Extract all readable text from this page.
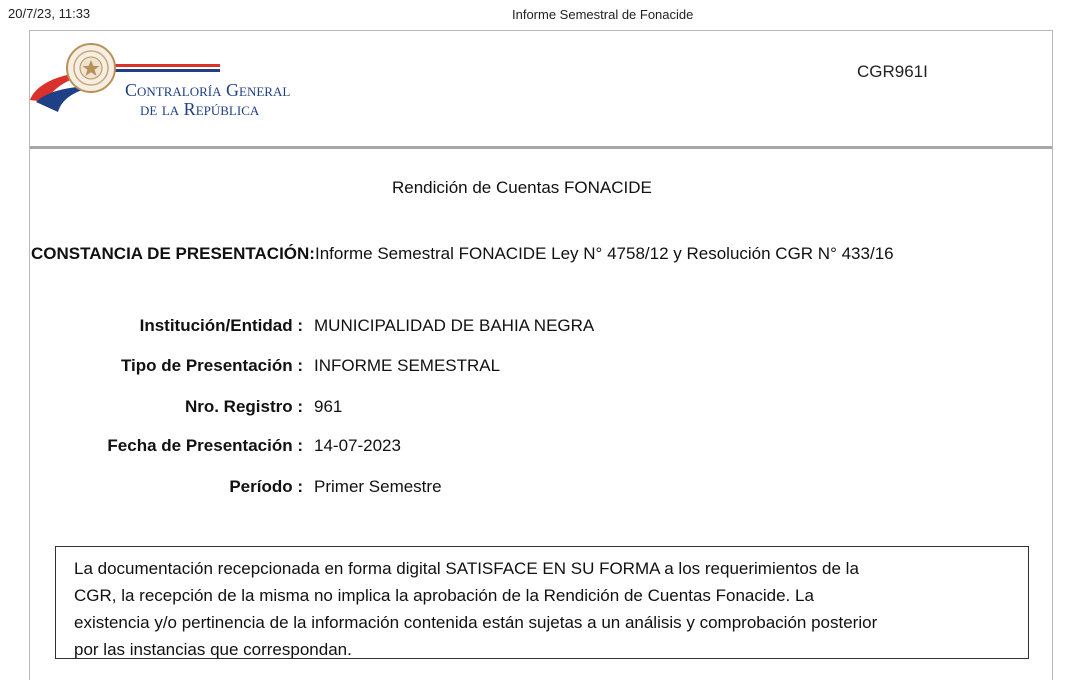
20/7/23, 11:33	Informe Semestral de Fonacide
Contraloría General
de la República
CGR961I
Rendición de Cuentas FONACIDE
CONSTANCIA DE PRESENTACIÓN:Informe Semestral FONACIDE Ley N° 4758/12 y Resolución CGR N° 433/16
Institución/Entidad : MUNICIPALIDAD DE BAHIA NEGRA
Tipo de Presentación : INFORME SEMESTRAL
Nro. Registro : 961
Fecha de Presentación : 14-07-2023
Período : Primer Semestre
La documentación recepcionada en forma digital SATISFACE EN SU FORMA a los requerimientos de la
CGR, la recepción de la misma no implica la aprobación de la Rendición de Cuentas Fonacide. La
existencia y/o pertinencia de la información contenida están sujetas a un análisis y comprobación posterior
por las instancias que correspondan.
